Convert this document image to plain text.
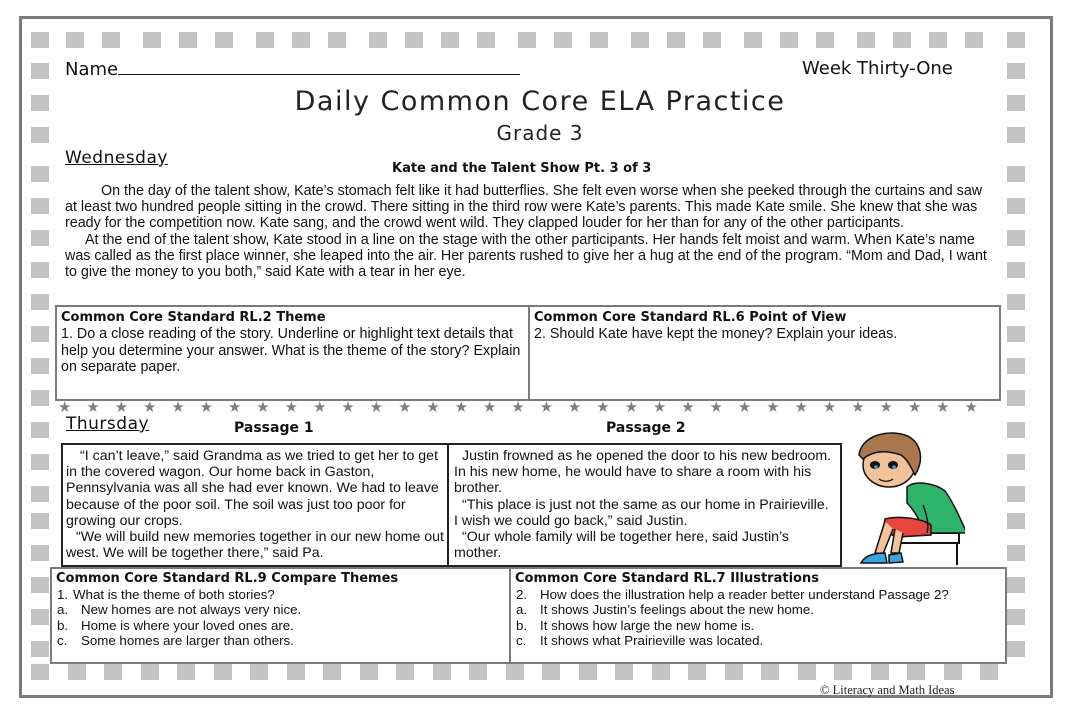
Name	Week Thirty-One
Daily Common Core ELA Practice
Grade 3
Wednesday
Kate and the Talent Show Pt. 3 of 3

On the day of the talent show, Kate’s stomach felt like it had butterflies. She felt even worse when she peeked through the curtains and saw at least two hundred people sitting in the crowd. There sitting in the third row were Kate’s parents. This made Kate smile. She knew that she was ready for the competition now. Kate sang, and the crowd went wild. They clapped louder for her than for any of the other participants.

At the end of the talent show, Kate stood in a line on the stage with the other participants. Her hands felt moist and warm. When Kate’s name was called as the first place winner, she leaped into the air. Her parents rushed to give her a hug at the end of the program. “Mom and Dad, I want to give the money to you both,” said Kate with a tear in her eye.

Common Core Standard RL.2 Theme
1. Do a close reading of the story. Underline or highlight text details that help you determine your answer. What is the theme of the story? Explain on separate paper.
Common Core Standard RL.6 Point of View
2. Should Kate have kept the money? Explain your ideas.
★ ★ ★ ★ ★ ★ ★ ★ ★ ★ ★ ★ ★ ★ ★ ★ ★ ★ ★ ★ ★ ★ ★ ★ ★ ★ ★ ★ ★ ★ ★ ★ ★
Thursday	Passage 1	Passage 2
“I can’t leave,” said Grandma as we tried to get her to get in the covered wagon. Our home back in Gaston, Pennsylvania was all she had ever known. We had to leave because of the poor soil. The soil was just too poor for growing our crops.
“We will build new memories together in our new home out west. We will be together there,” said Pa.
Justin frowned as he opened the door to his new bedroom. In his new home, he would have to share a room with his brother.
“This place is just not the same as our home in Prairieville. I wish we could go back,” said Justin.
“Our whole family will be together here, said Justin’s mother.
Common Core Standard RL.9 Compare Themes
1. What is the theme of both stories?
a. New homes are not always very nice.
b. Home is where your loved ones are.
c.	Some homes are larger than others.
Common Core Standard RL.7 Illustrations
2. How does the illustration help a reader better understand Passage 2?
a. It shows Justin’s feelings about the new home.
b. It shows how large the new home is.
c.	It shows what Prairieville was located.
© Literacy and Math Ideas
